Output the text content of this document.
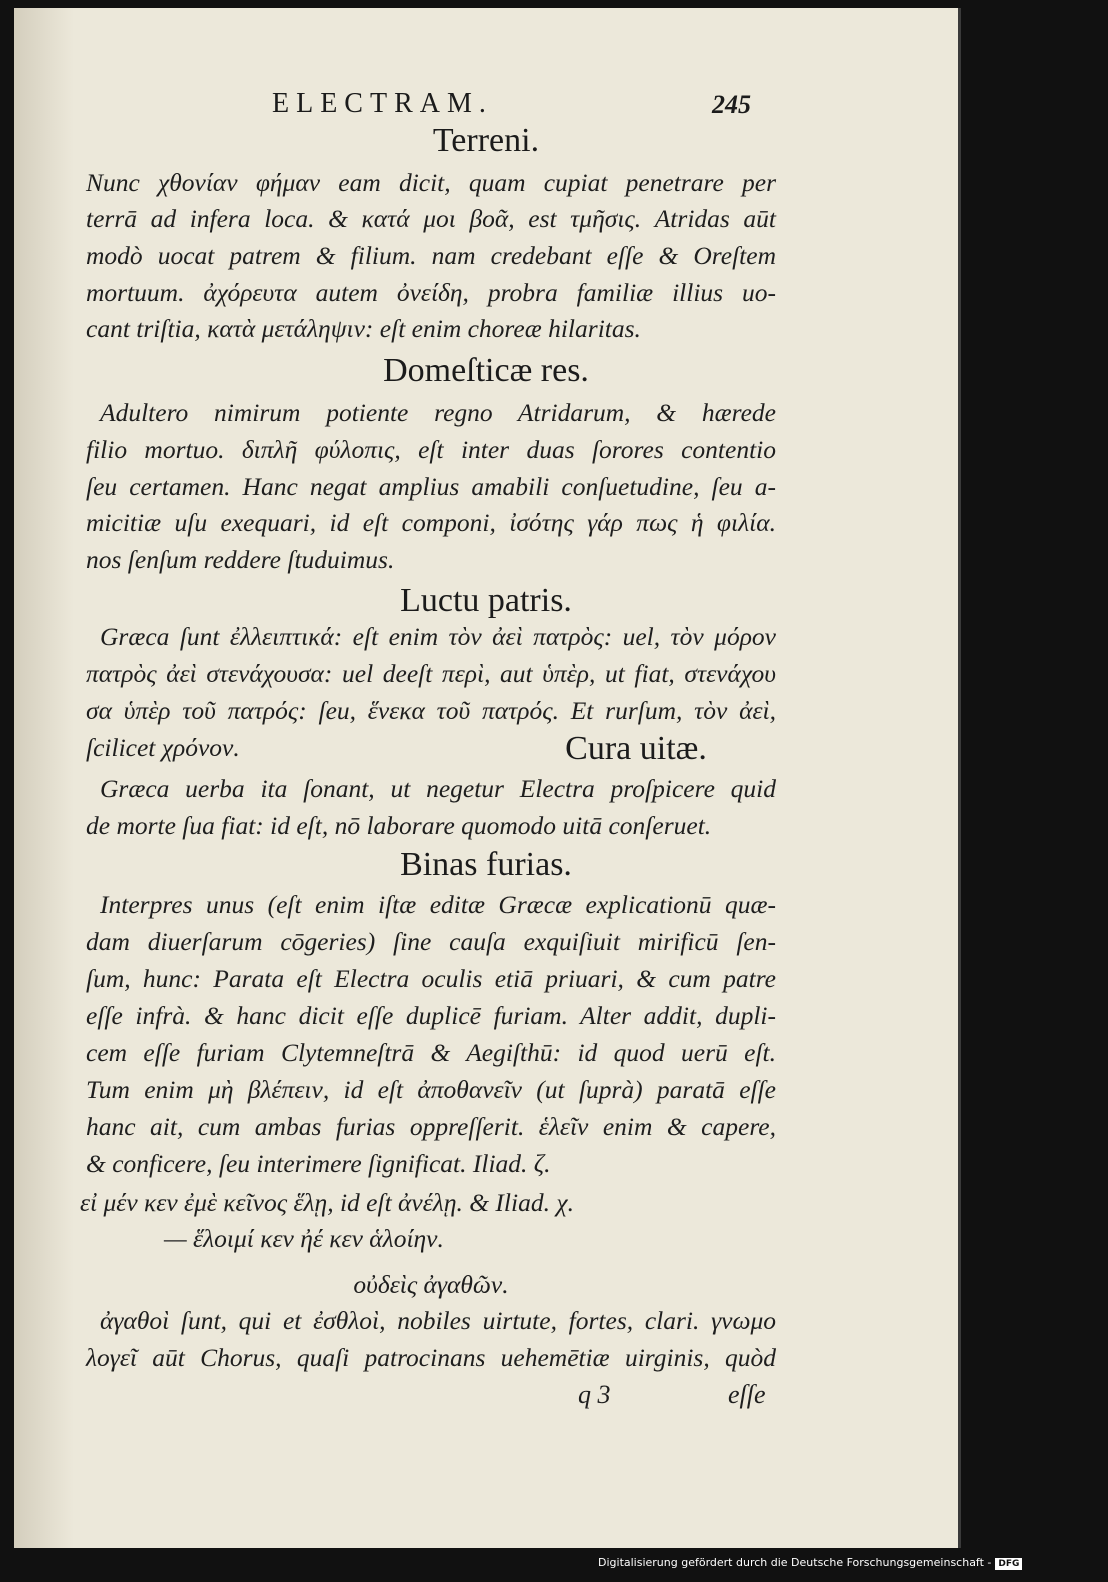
ELECTRAM.	245
Terreni.

Nunc χθονίαν φήμαν eam dicit, quam cupiat penetrare per

terrā ad infera loca. & κατά μοι βοᾶ, est τμῆσις. Atridas aūt

modò uocat patrem & filium. nam credebant eſſe & Oreſtem

mortuum. ἀχόρευτα autem ὀνείδη, probra familiæ illius uo-

cant triſtia, κατὰ μετάληψιν: eſt enim choreæ hilaritas.

Domeſticæ res.

Adultero nimirum potiente regno Atridarum, & hærede

filio mortuo. διπλῆ φύλοπις, eſt inter duas ſorores contentio

ſeu certamen. Hanc negat amplius amabili conſuetudine, ſeu a-

micitiæ uſu exequari, id eſt componi, ἰσότης γάρ πως ἡ φιλία.

nos ſenſum reddere ſtuduimus.

Luctu patris.

Græca ſunt ἐλλειπτικά: eſt enim τὸν ἀεὶ πατρὸς: uel, τὸν μόρον

πατρὸς ἀεὶ στενάχουσα: uel deeſt περὶ, aut ὑπὲρ, ut fiat, στενάχου

σα ὑπὲρ τοῦ πατρός: ſeu, ἕνεκα τοῦ πατρός. Et rurſum, τὸν ἀεὶ,

ſcilicet χρόνον.	Cura uitæ.

Græca uerba ita ſonant, ut negetur Electra proſpicere quid

de morte ſua fiat: id eſt, nō laborare quomodo uitā conſeruet.

Binas furias.

Interpres unus (eſt enim iſtæ editæ Græcæ explicationū quæ-

dam diuerſarum cōgeries) ſine cauſa exquiſiuit mirificū ſen-

ſum, hunc: Parata eſt Electra oculis etiā priuari, & cum patre

eſſe infrà. & hanc dicit eſſe duplicē furiam. Alter addit, dupli-

cem eſſe furiam Clytemneſtrā & Aegiſthū: id quod uerū eſt.

Tum enim μὴ βλέπειν, id eſt ἀποθανεῖν (ut ſuprà) paratā eſſe

hanc ait, cum ambas furias oppreſſerit. ἑλεῖν enim & capere,

& conficere, ſeu interimere ſignificat. Iliad. ζ.

εἰ μέν κεν ἐμὲ κεῖνος ἕλῃ, id eſt ἀνέλῃ. & Iliad. χ.

— ἕλοιμί κεν ἠέ κεν ἁλοίην.

οὐδεὶς ἀγαθῶν.

ἀγαθοὶ ſunt, qui et ἐσθλοὶ, nobiles uirtute, fortes, clari. γνωμο

λογεῖ aūt Chorus, quaſi patrocinans uehemētiæ uirginis, quòd

q 3	eſſe
Digitalisierung gefördert durch die Deutsche Forschungsgemeinschaft - DFG
